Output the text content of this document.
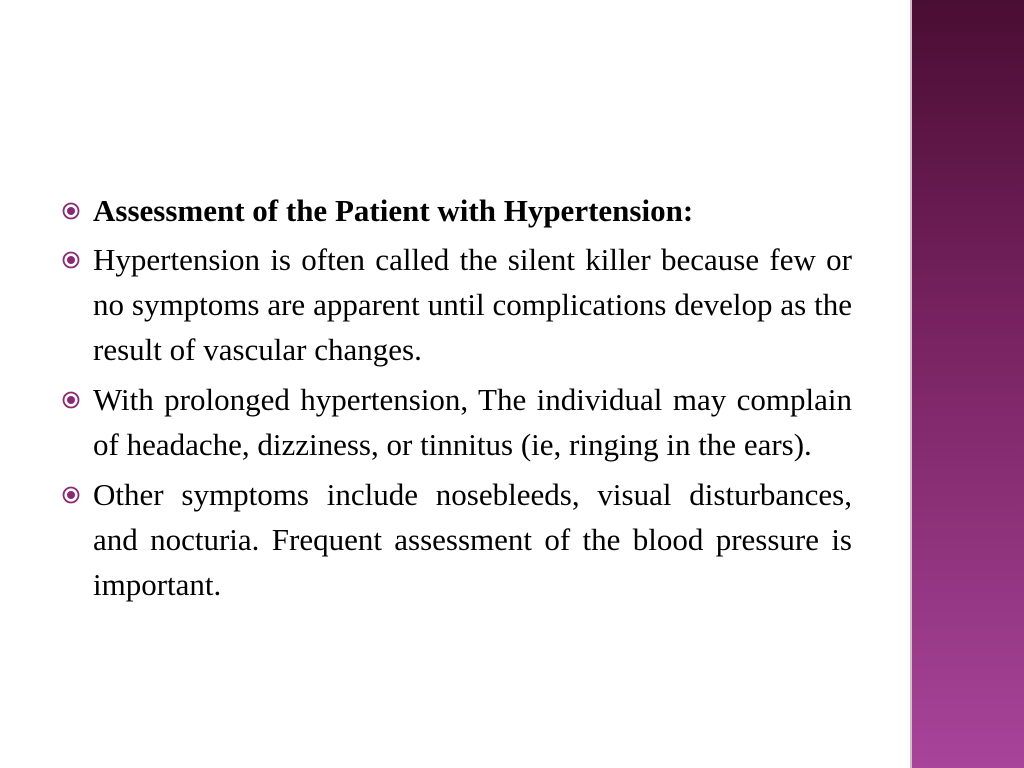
Assessment of the Patient with Hypertension:
Hypertension is often called the silent killer because few or no symptoms are apparent until complications develop as the result of vascular changes.
With prolonged hypertension, The individual may complain of headache, dizziness, or tinnitus (ie, ringing in the ears).
Other symptoms include nosebleeds, visual disturbances, and nocturia. Frequent assessment of the blood pressure is important.
